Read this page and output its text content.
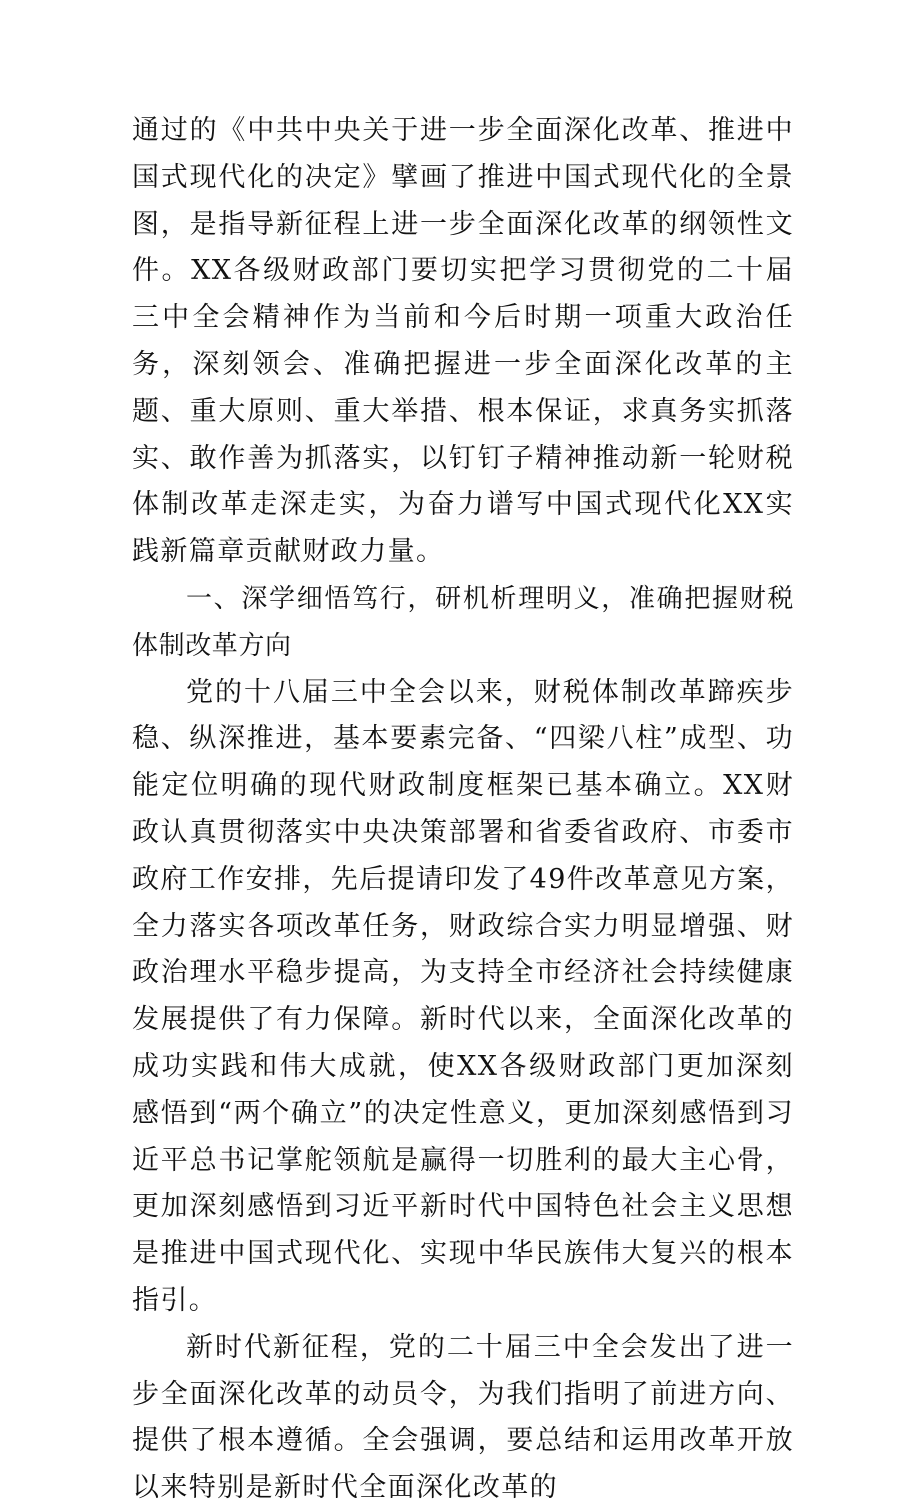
通过的《中共中央关于进一步全面深化改革、推进中国式现代化的决定》擘画了推进中国式现代化的全景图，是指导新征程上进一步全面深化改革的纲领性文件。XX各级财政部门要切实把学习贯彻党的二十届三中全会精神作为当前和今后时期一项重大政治任务，深刻领会、准确把握进一步全面深化改革的主题、重大原则、重大举措、根本保证，求真务实抓落实、敢作善为抓落实，以钉钉子精神推动新一轮财税体制改革走深走实，为奋力谱写中国式现代化XX实践新篇章贡献财政力量。

一、深学细悟笃行，研机析理明义，准确把握财税体制改革方向

党的十八届三中全会以来，财税体制改革蹄疾步稳、纵深推进，基本要素完备、“四梁八柱”成型、功能定位明确的现代财政制度框架已基本确立。XX财政认真贯彻落实中央决策部署和省委省政府、市委市政府工作安排，先后提请印发了49件改革意见方案，全力落实各项改革任务，财政综合实力明显增强、财政治理水平稳步提高，为支持全市经济社会持续健康发展提供了有力保障。新时代以来，全面深化改革的成功实践和伟大成就，使XX各级财政部门更加深刻感悟到“两个确立”的决定性意义，更加深刻感悟到习近平总书记掌舵领航是赢得一切胜利的最大主心骨，更加深刻感悟到习近平新时代中国特色社会主义思想是推进中国式现代化、实现中华民族伟大复兴的根本指引。

新时代新征程，党的二十届三中全会发出了进一步全面深化改革的动员令，为我们指明了前进方向、提供了根本遵循。全会强调，要总结和运用改革开放以来特别是新时代全面深化改革的
